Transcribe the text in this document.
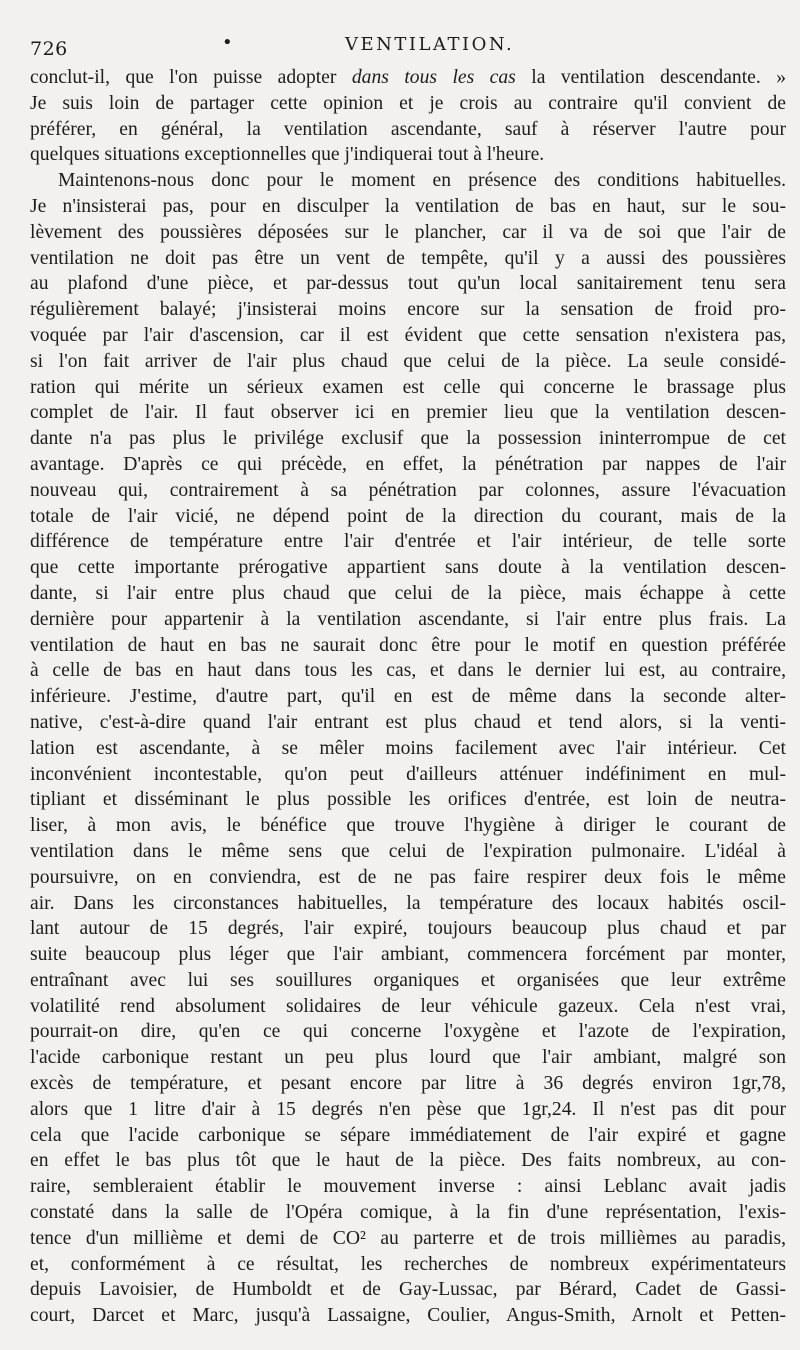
726	•	VENTILATION.
conclut-il, que l'on puisse adopter dans tous les cas la ventilation descendante. »
Je suis loin de partager cette opinion et je crois au contraire qu'il convient de
préférer, en général, la ventilation ascendante, sauf à réserver l'autre pour
quelques situations exceptionnelles que j'indiquerai tout à l'heure.
Maintenons-nous donc pour le moment en présence des conditions habituelles.
Je n'insisterai pas, pour en disculper la ventilation de bas en haut, sur le sou-
lèvement des poussières déposées sur le plancher, car il va de soi que l'air de
ventilation ne doit pas être un vent de tempête, qu'il y a aussi des poussières
au plafond d'une pièce, et par-dessus tout qu'un local sanitairement tenu sera
régulièrement balayé; j'insisterai moins encore sur la sensation de froid pro-
voquée par l'air d'ascension, car il est évident que cette sensation n'existera pas,
si l'on fait arriver de l'air plus chaud que celui de la pièce. La seule considé-
ration qui mérite un sérieux examen est celle qui concerne le brassage plus
complet de l'air. Il faut observer ici en premier lieu que la ventilation descen-
dante n'a pas plus le privilége exclusif que la possession ininterrompue de cet
avantage. D'après ce qui précède, en effet, la pénétration par nappes de l'air
nouveau qui, contrairement à sa pénétration par colonnes, assure l'évacuation
totale de l'air vicié, ne dépend point de la direction du courant, mais de la
différence de température entre l'air d'entrée et l'air intérieur, de telle sorte
que cette importante prérogative appartient sans doute à la ventilation descen-
dante, si l'air entre plus chaud que celui de la pièce, mais échappe à cette
dernière pour appartenir à la ventilation ascendante, si l'air entre plus frais. La
ventilation de haut en bas ne saurait donc être pour le motif en question préférée
à celle de bas en haut dans tous les cas, et dans le dernier lui est, au contraire,
inférieure. J'estime, d'autre part, qu'il en est de même dans la seconde alter-
native, c'est-à-dire quand l'air entrant est plus chaud et tend alors, si la venti-
lation est ascendante, à se mêler moins facilement avec l'air intérieur. Cet
inconvénient incontestable, qu'on peut d'ailleurs atténuer indéfiniment en mul-
tipliant et disséminant le plus possible les orifices d'entrée, est loin de neutra-
liser, à mon avis, le bénéfice que trouve l'hygiène à diriger le courant de
ventilation dans le même sens que celui de l'expiration pulmonaire. L'idéal à
poursuivre, on en conviendra, est de ne pas faire respirer deux fois le même
air. Dans les circonstances habituelles, la température des locaux habités oscil-
lant autour de 15 degrés, l'air expiré, toujours beaucoup plus chaud et par
suite beaucoup plus léger que l'air ambiant, commencera forcément par monter,
entraînant avec lui ses souillures organiques et organisées que leur extrême
volatilité rend absolument solidaires de leur véhicule gazeux. Cela n'est vrai,
pourrait-on dire, qu'en ce qui concerne l'oxygène et l'azote de l'expiration,
l'acide carbonique restant un peu plus lourd que l'air ambiant, malgré son
excès de température, et pesant encore par litre à 36 degrés environ 1gr,78,
alors que 1 litre d'air à 15 degrés n'en pèse que 1gr,24. Il n'est pas dit pour
cela que l'acide carbonique se sépare immédiatement de l'air expiré et gagne
en effet le bas plus tôt que le haut de la pièce. Des faits nombreux, au con-
raire, sembleraient établir le mouvement inverse : ainsi Leblanc avait jadis
constaté dans la salle de l'Opéra comique, à la fin d'une représentation, l'exis-
tence d'un millième et demi de CO² au parterre et de trois millièmes au paradis,
et, conformément à ce résultat, les recherches de nombreux expérimentateurs
depuis Lavoisier, de Humboldt et de Gay-Lussac, par Bérard, Cadet de Gassi-
court, Darcet et Marc, jusqu'à Lassaigne, Coulier, Angus-Smith, Arnolt et Petten-
